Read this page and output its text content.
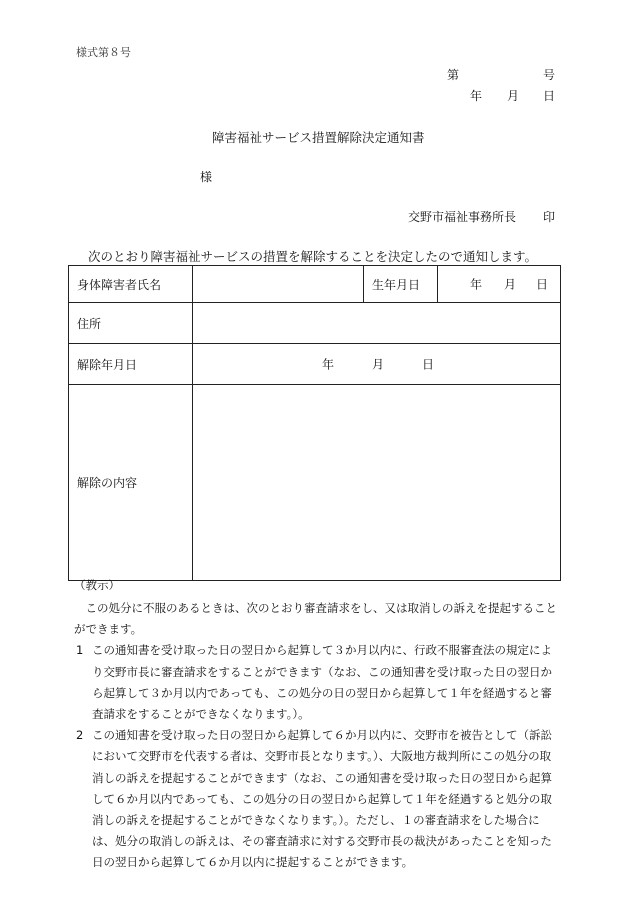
様式第８号
第	号
年 月 日
障害福祉サービス措置解除決定通知書
様
交野市福祉事務所長 印
次のとおり障害福祉サービスの措置を解除することを決定したので通知します。
身体障害者氏名		生年月日	年 月 日

住所			
解除年月日	年 月 日		

解除の内容			
（教示）
この処分に不服のあるときは、次のとおり審査請求をし、又は取消しの訴えを提起することができます。
1 この通知書を受け取った日の翌日から起算して３か月以内に、行政不服審査法の規定により交野市長に審査請求をすることができます（なお、この通知書を受け取った日の翌日から起算して３か月以内であっても、この処分の日の翌日から起算して１年を経過すると審査請求をすることができなくなります。）。
2 この通知書を受け取った日の翌日から起算して６か月以内に、交野市を被告として（訴訟において交野市を代表する者は、交野市長となります。）、大阪地方裁判所にこの処分の取消しの訴えを提起することができます（なお、この通知書を受け取った日の翌日から起算して６か月以内であっても、この処分の日の翌日から起算して１年を経過すると処分の取消しの訴えを提起することができなくなります。）。ただし、１の審査請求をした場合には、処分の取消しの訴えは、その審査請求に対する交野市長の裁決があったことを知った日の翌日から起算して６か月以内に提起することができます。
